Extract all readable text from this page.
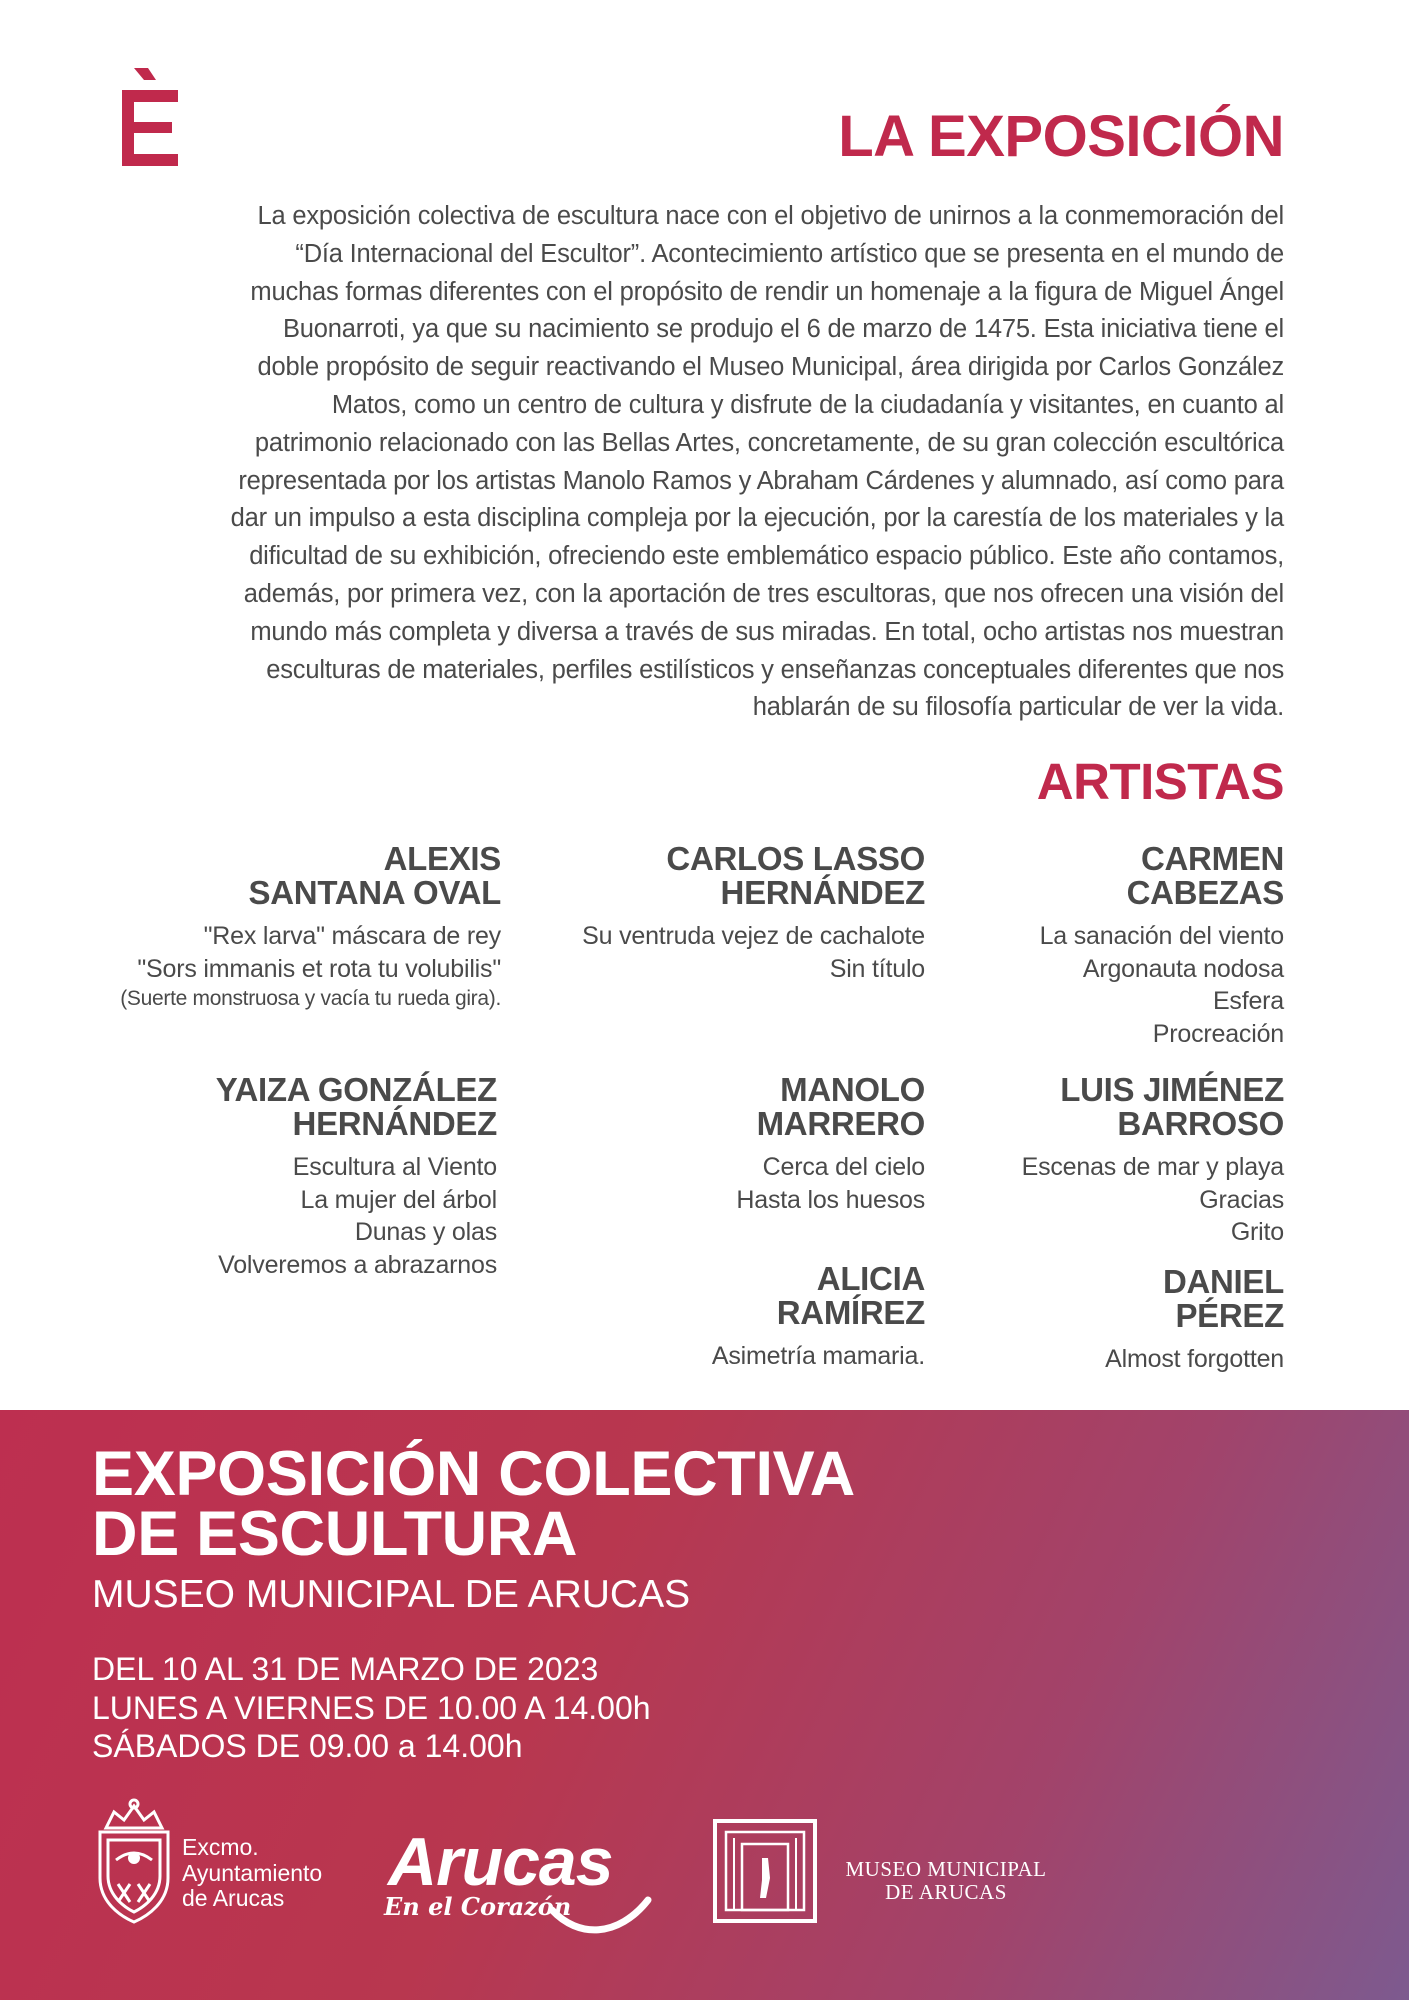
LA EXPOSICIÓN

La exposición colectiva de escultura nace con el objetivo de unirnos a la conmemoración del
“Día Internacional del Escultor”. Acontecimiento artístico que se presenta en el mundo de
muchas formas diferentes con el propósito de rendir un homenaje a la figura de Miguel Ángel
Buonarroti, ya que su nacimiento se produjo el 6 de marzo de 1475. Esta iniciativa tiene el
doble propósito de seguir reactivando el Museo Municipal, área dirigida por Carlos González
Matos, como un centro de cultura y disfrute de la ciudadanía y visitantes, en cuanto al
patrimonio relacionado con las Bellas Artes, concretamente, de su gran colección escultórica
representada por los artistas Manolo Ramos y Abraham Cárdenes y alumnado, así como para
dar un impulso a esta disciplina compleja por la ejecución, por la carestía de los materiales y la
dificultad de su exhibición, ofreciendo este emblemático espacio público. Este año contamos,
además, por primera vez, con la aportación de tres escultoras, que nos ofrecen una visión del
mundo más completa y diversa a través de sus miradas. En total, ocho artistas nos muestran
esculturas de materiales, perfiles estilísticos y enseñanzas conceptuales diferentes que nos
hablarán de su filosofía particular de ver la vida.

ARTISTAS
ALEXIS
SANTANA OVAL
"Rex larva" máscara de rey
"Sors immanis et rota tu volubilis"
(Suerte monstruosa y vacía tu rueda gira).
CARLOS LASSO
HERNÁNDEZ
Su ventruda vejez de cachalote
Sin título
CARMEN
CABEZAS
La sanación del viento
Argonauta nodosa
Esfera
Procreación
YAIZA GONZÁLEZ
HERNÁNDEZ
Escultura al Viento
La mujer del árbol
Dunas y olas
Volveremos a abrazarnos
MANOLO
MARRERO
Cerca del cielo
Hasta los huesos
LUIS JIMÉNEZ
BARROSO
Escenas de mar y playa
Gracias
Grito
ALICIA
RAMÍREZ
Asimetría mamaria.
DANIEL
PÉREZ
Almost forgotten
EXPOSICIÓN COLECTIVA
DE ESCULTURA
MUSEO MUNICIPAL DE ARUCAS
DEL 10 AL 31 DE MARZO DE 2023
LUNES A VIERNES DE 10.00 A 14.00h
SÁBADOS DE 09.00 a 14.00h
Excmo.
Ayuntamiento
de Arucas	Arucas
En el Corazón
MUSEO MUNICIPAL
DE ARUCAS
